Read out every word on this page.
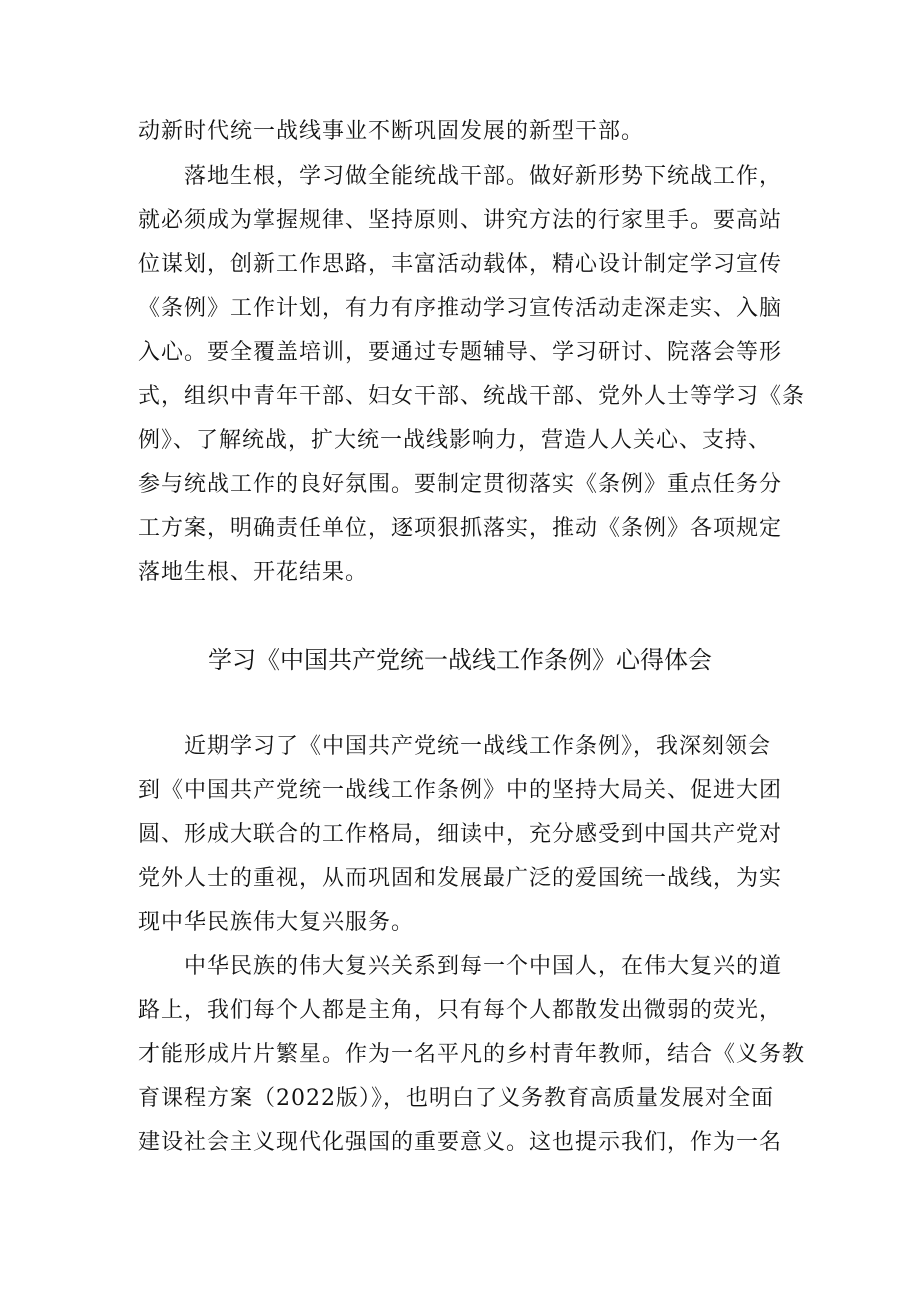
动新时代统一战线事业不断巩固发展的新型干部。
落地生根，学习做全能统战干部。做好新形势下统战工作，
就必须成为掌握规律、坚持原则、讲究方法的行家里手。要高站
位谋划，创新工作思路，丰富活动载体，精心设计制定学习宣传
《条例》工作计划，有力有序推动学习宣传活动走深走实、入脑
入心。要全覆盖培训，要通过专题辅导、学习研讨、院落会等形
式，组织中青年干部、妇女干部、统战干部、党外人士等学习《条
例》、了解统战，扩大统一战线影响力，营造人人关心、支持、
参与统战工作的良好氛围。要制定贯彻落实《条例》重点任务分
工方案，明确责任单位，逐项狠抓落实，推动《条例》各项规定
落地生根、开花结果。
学习《中国共产党统一战线工作条例》心得体会
近期学习了《中国共产党统一战线工作条例》，我深刻领会
到《中国共产党统一战线工作条例》中的坚持大局关、促进大团
圆、形成大联合的工作格局，细读中，充分感受到中国共产党对
党外人士的重视，从而巩固和发展最广泛的爱国统一战线，为实
现中华民族伟大复兴服务。
中华民族的伟大复兴关系到每一个中国人，在伟大复兴的道
路上，我们每个人都是主角，只有每个人都散发出微弱的荧光，
才能形成片片繁星。作为一名平凡的乡村青年教师，结合《义务教
育课程方案（2022版）》，也明白了义务教育高质量发展对全面
建设社会主义现代化强国的重要意义。这也提示我们，作为一名
